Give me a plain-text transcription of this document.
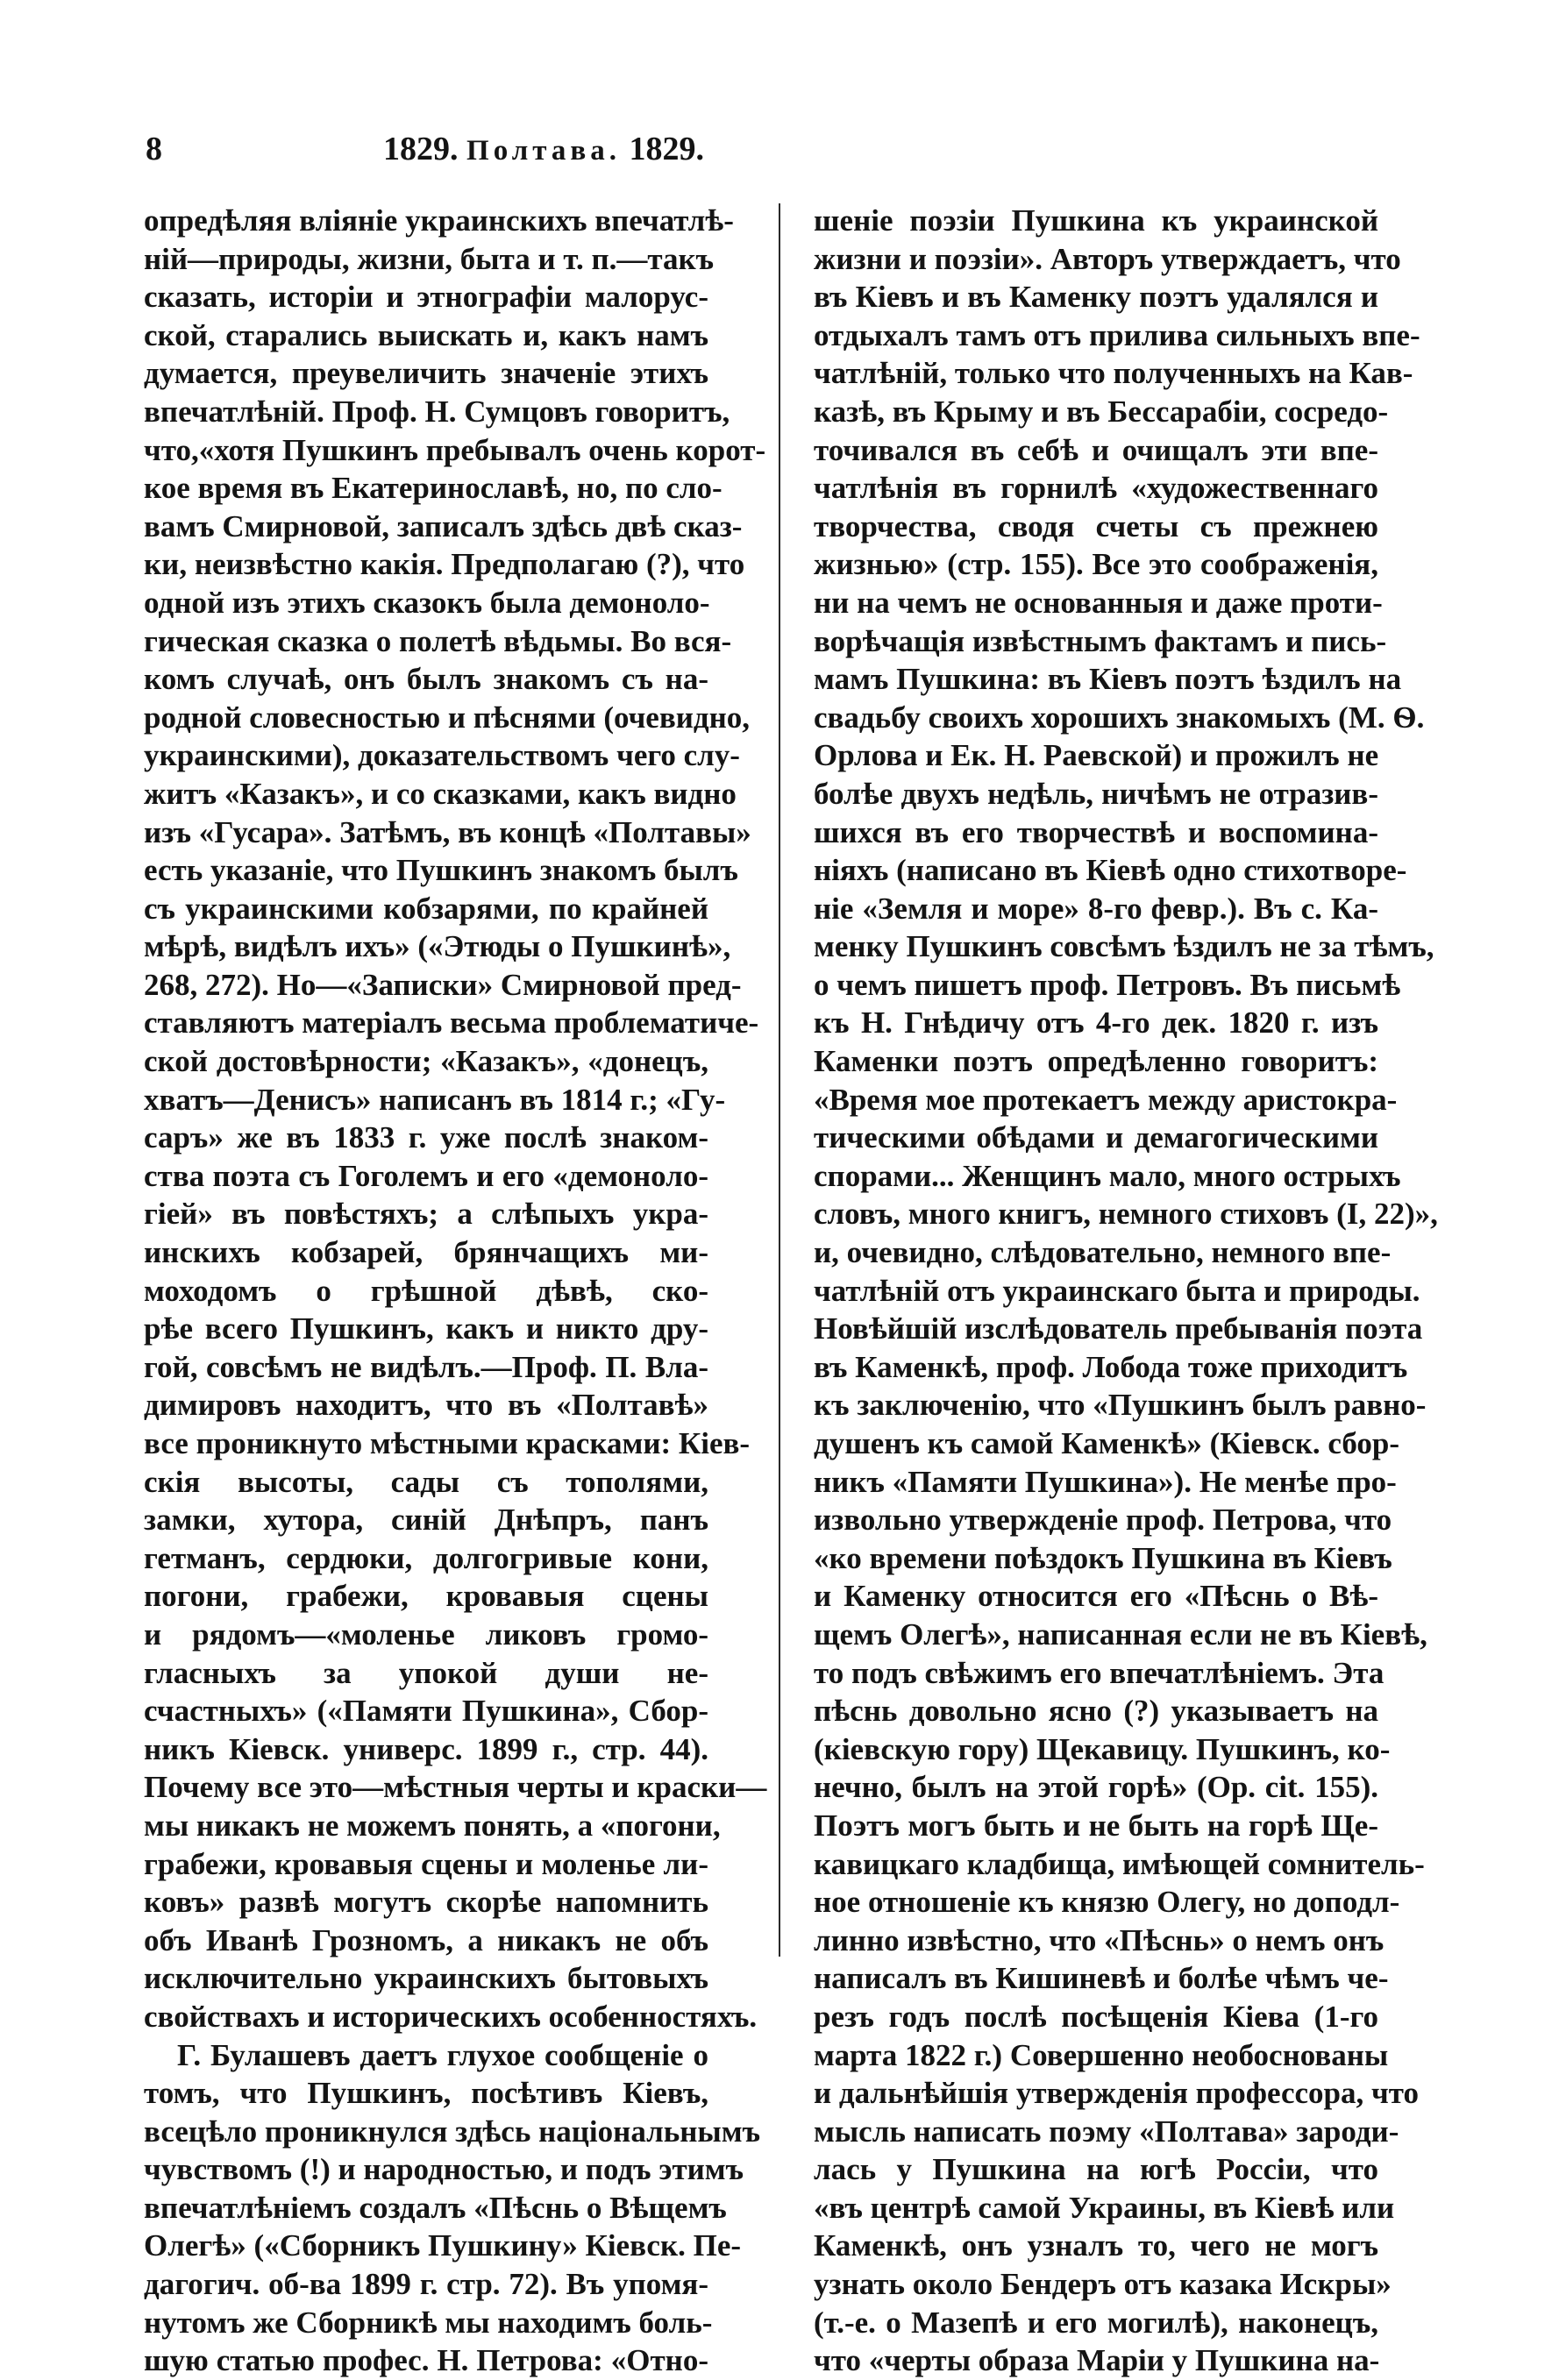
8	1829. Полтава. 1829.
опредѣляя вліяніе украинскихъ впечатлѣ-
ній—природы, жизни, быта и т. п.—такъ
сказать, исторіи и этнографіи малорус-
ской, старались выискать и, какъ намъ
думается, преувеличить значеніе этихъ
впечатлѣній. Проф. Н. Сумцовъ говоритъ,
что,«хотя Пушкинъ пребывалъ очень корот-
кое время въ Екатеринославѣ, но, по сло-
вамъ Смирновой, записалъ здѣсь двѣ сказ-
ки, неизвѣстно какія. Предполагаю (?), что
одной изъ этихъ сказокъ была демоноло-
гическая сказка о полетѣ вѣдьмы. Во вся-
комъ случаѣ, онъ былъ знакомъ съ на-
родной словесностью и пѣснями (очевидно,
украинскими), доказательствомъ чего слу-
житъ «Казакъ», и со сказками, какъ видно
изъ «Гусара». Затѣмъ, въ концѣ «Полтавы»
есть указаніе, что Пушкинъ знакомъ былъ
съ украинскими кобзарями, по крайней
мѣрѣ, видѣлъ ихъ» («Этюды о Пушкинѣ»,
268, 272). Но—«Записки» Смирновой пред-
ставляютъ матеріалъ весьма проблематиче-
ской достовѣрности; «Казакъ», «донецъ,
хватъ—Денисъ» написанъ въ 1814 г.; «Гу-
саръ» же въ 1833 г. уже послѣ знаком-
ства поэта съ Гоголемъ и его «демоноло-
гіей» въ повѣстяхъ; а слѣпыхъ укра-
инскихъ кобзарей, брянчащихъ ми-
моходомъ о грѣшной дѣвѣ, ско-
рѣе всего Пушкинъ, какъ и никто дру-
гой, совсѣмъ не видѣлъ.—Проф. П. Вла-
димировъ находитъ, что въ «Полтавѣ»
все проникнуто мѣстными красками: Кіев-
скія высоты, сады съ тополями,
замки, хутора, синій Днѣпръ, панъ
гетманъ, сердюки, долгогривые кони,
погони, грабежи, кровавыя сцены
и рядомъ—«моленье ликовъ громо-
гласныхъ за упокой души не-
счастныхъ» («Памяти Пушкина», Сбор-
никъ Кіевск. универс. 1899 г., стр. 44).
Почему все это—мѣстныя черты и краски—
мы никакъ не можемъ понять, а «погони,
грабежи, кровавыя сцены и моленье ли-
ковъ» развѣ могутъ скорѣе напомнить
объ Иванѣ Грозномъ, а никакъ не объ
исключительно украинскихъ бытовыхъ
свойствахъ и историческихъ особенностяхъ.
Г. Булашевъ даетъ глухое сообщеніе о
томъ, что Пушкинъ, посѣтивъ Кіевъ,
всецѣло проникнулся здѣсь національнымъ
чувствомъ (!) и народностью, и подъ этимъ
впечатлѣніемъ создалъ «Пѣснь о Вѣщемъ
Олегѣ» («Сборникъ Пушкину» Кіевск. Пе-
дагогич. об-ва 1899 г. стр. 72). Въ упомя-
нутомъ же Сборникѣ мы находимъ боль-
шую статью профес. Н. Петрова: «Отно-
шеніе поэзіи Пушкина къ украинской
жизни и поэзіи». Авторъ утверждаетъ, что
въ Кіевъ и въ Каменку поэтъ удалялся и
отдыхалъ тамъ отъ прилива сильныхъ впе-
чатлѣній, только что полученныхъ на Кав-
казѣ, въ Крыму и въ Бессарабіи, сосредо-
точивался въ себѣ и очищалъ эти впе-
чатлѣнія въ горнилѣ «художественнаго
творчества, сводя счеты съ прежнею
жизнью» (стр. 155). Все это соображенія,
ни на чемъ не основанныя и даже проти-
ворѣчащія извѣстнымъ фактамъ и пись-
мамъ Пушкина: въ Кіевъ поэтъ ѣздилъ на
свадьбу своихъ хорошихъ знакомыхъ (М. Ѳ.
Орлова и Ек. Н. Раевской) и прожилъ не
болѣе двухъ недѣль, ничѣмъ не отразив-
шихся въ его творчествѣ и воспомина-
ніяхъ (написано въ Кіевѣ одно стихотворе-
ніе «Земля и море» 8-го февр.). Въ с. Ка-
менку Пушкинъ совсѣмъ ѣздилъ не за тѣмъ,
о чемъ пишетъ проф. Петровъ. Въ письмѣ
къ Н. Гнѣдичу отъ 4-го дек. 1820 г. изъ
Каменки поэтъ опредѣленно говоритъ:
«Время мое протекаетъ между аристокра-
тическими обѣдами и демагогическими
спорами... Женщинъ мало, много острыхъ
словъ, много книгъ, немного стиховъ (I, 22)»,
и, очевидно, слѣдовательно, немного впе-
чатлѣній отъ украинскаго быта и природы.
Новѣйшій изслѣдователь пребыванія поэта
въ Каменкѣ, проф. Лобода тоже приходитъ
къ заключенію, что «Пушкинъ былъ равно-
душенъ къ самой Каменкѣ» (Кіевск. сбор-
никъ «Памяти Пушкина»). Не менѣе про-
извольно утвержденіе проф. Петрова, что
«ко времени поѣздокъ Пушкина въ Кіевъ
и Каменку относится его «Пѣснь о Вѣ-
щемъ Олегѣ», написанная если не въ Кіевѣ,
то подъ свѣжимъ его впечатлѣніемъ. Эта
пѣснь довольно ясно (?) указываетъ на
(кіевскую гору) Щекавицу. Пушкинъ, ко-
нечно, былъ на этой горѣ» (Op. cit. 155).
Поэтъ могъ быть и не быть на горѣ Ще-
кавицкаго кладбища, имѣющей сомнитель-
ное отношеніе къ князю Олегу, но доподл-
линно извѣстно, что «Пѣснь» о немъ онъ
написалъ въ Кишиневѣ и болѣе чѣмъ че-
резъ годъ послѣ посѣщенія Кіева (1-го
марта 1822 г.) Совершенно необоснованы
и дальнѣйшія утвержденія профессора, что
мысль написать поэму «Полтава» зароди-
лась у Пушкина на югѣ Россіи, что
«въ центрѣ самой Украины, въ Кіевѣ или
Каменкѣ, онъ узналъ то, чего не могъ
узнать около Бендеръ отъ казака Искры»
(т.-е. о Мазепѣ и его могилѣ), наконецъ,
что «черты образа Маріи у Пушкина на-
